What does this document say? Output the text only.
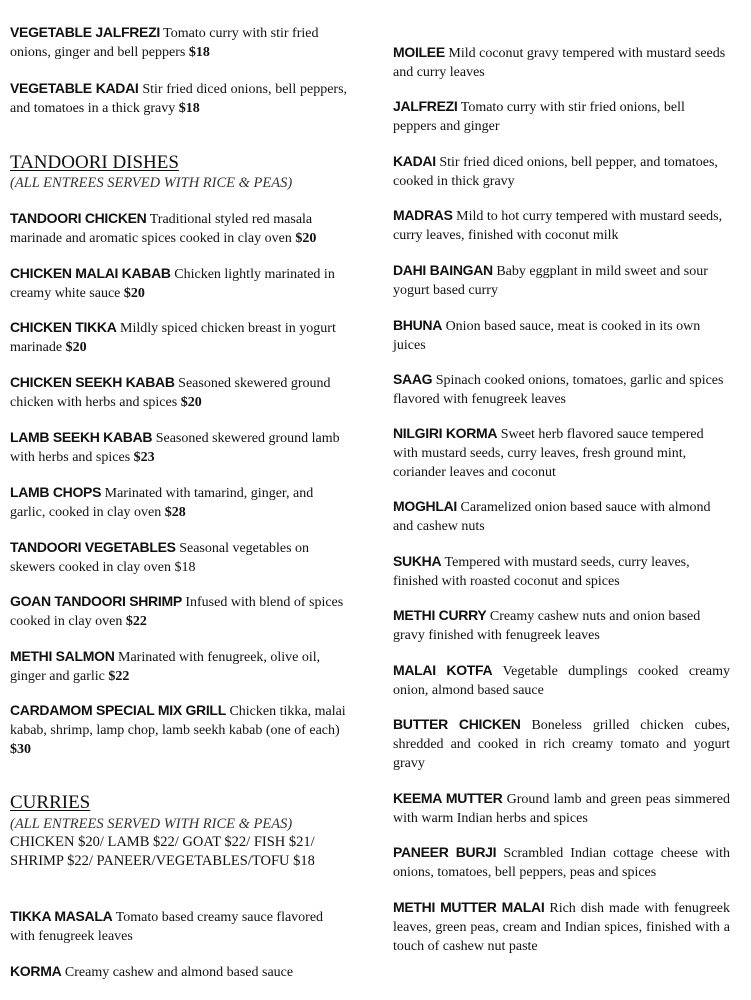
VEGETABLE JALFREZI Tomato curry with stir fried onions, ginger and bell peppers $18
VEGETABLE KADAI Stir fried diced onions, bell peppers, and tomatoes in a thick gravy $18
TANDOORI DISHES
(ALL ENTREES SERVED WITH RICE & PEAS)
TANDOORI CHICKEN Traditional styled red masala marinade and aromatic spices cooked in clay oven $20
CHICKEN MALAI KABAB Chicken lightly marinated in creamy white sauce $20
CHICKEN TIKKA Mildly spiced chicken breast in yogurt marinade $20
CHICKEN SEEKH KABAB Seasoned skewered ground chicken with herbs and spices $20
LAMB SEEKH KABAB Seasoned skewered ground lamb with herbs and spices $23
LAMB CHOPS Marinated with tamarind, ginger, and garlic, cooked in clay oven $28
TANDOORI VEGETABLES Seasonal vegetables on skewers cooked in clay oven $18
GOAN TANDOORI SHRIMP Infused with blend of spices cooked in clay oven $22
METHI SALMON Marinated with fenugreek, olive oil, ginger and garlic $22
CARDAMOM SPECIAL MIX GRILL Chicken tikka, malai kabab, shrimp, lamp chop, lamb seekh kabab (one of each) $30
CURRIES
(ALL ENTREES SERVED WITH RICE & PEAS)
CHICKEN $20/ LAMB $22/ GOAT $22/ FISH $21/ SHRIMP $22/ PANEER/VEGETABLES/TOFU $18
TIKKA MASALA Tomato based creamy sauce flavored with fenugreek leaves
KORMA Creamy cashew and almond based sauce
MOILEE Mild coconut gravy tempered with mustard seeds and curry leaves
JALFREZI Tomato curry with stir fried onions, bell peppers and ginger
KADAI Stir fried diced onions, bell pepper, and tomatoes, cooked in thick gravy
MADRAS Mild to hot curry tempered with mustard seeds, curry leaves, finished with coconut milk
DAHI BAINGAN Baby eggplant in mild sweet and sour yogurt based curry
BHUNA Onion based sauce, meat is cooked in its own juices
SAAG Spinach cooked onions, tomatoes, garlic and spices flavored with fenugreek leaves
NILGIRI KORMA Sweet herb flavored sauce tempered with mustard seeds, curry leaves, fresh ground mint, coriander leaves and coconut
MOGHLAI Caramelized onion based sauce with almond and cashew nuts
SUKHA Tempered with mustard seeds, curry leaves, finished with roasted coconut and spices
METHI CURRY Creamy cashew nuts and onion based gravy finished with fenugreek leaves
MALAI KOTFA Vegetable dumplings cooked creamy onion, almond based sauce
BUTTER CHICKEN Boneless grilled chicken cubes, shredded and cooked in rich creamy tomato and yogurt gravy
KEEMA MUTTER Ground lamb and green peas simmered with warm Indian herbs and spices
PANEER BURJI Scrambled Indian cottage cheese with onions, tomatoes, bell peppers, peas and spices
METHI MUTTER MALAI Rich dish made with fenugreek leaves, green peas, cream and Indian spices, finished with a touch of cashew nut paste
